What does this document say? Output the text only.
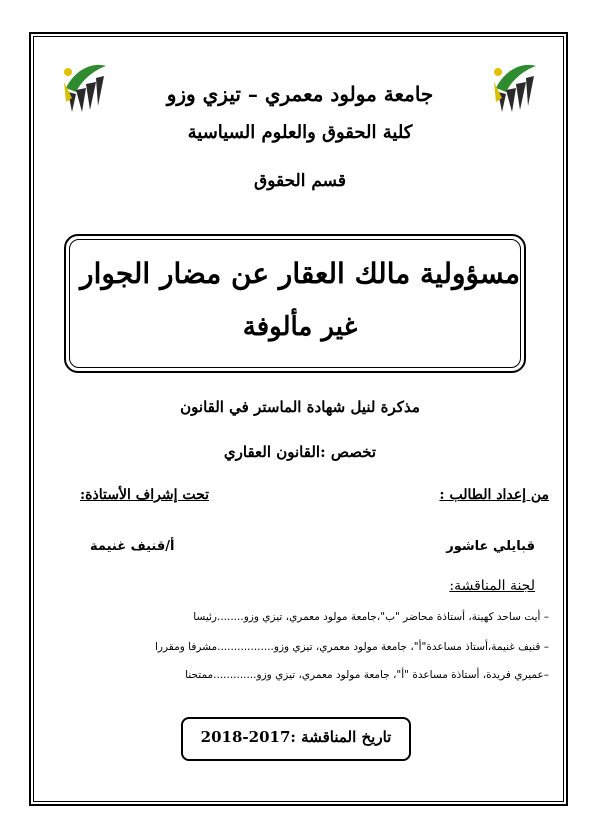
جامعة مولود معمري – تيزي وزو
كلية الحقوق والعلوم السياسية
قسم الحقوق
مسؤولية مالك العقار عن مضار الجوار
غير مألوفة
مذكرة لنيل شهادة الماستر في القانون
تخصص :القانون العقاري
من إعداد الطالب :
تحت إشراف الأستاذة:
قبايلي عاشور
أ/قنيف غنيمة
لجنة المناقشة:
– أيت ساحد كهينة، أستاذة محاضر "ب"،جامعة مولود معمري، تيزي وزو........رئيسا
– قنيف غنيمة،أستاذ مساعدة"أ"، جامعة مولود معمري، تيزي وزو.................مشرفا ومقررا
–عميري فريدة، أستاذة مساعدة "أ"، جامعة مولود معمري، تيزي وزو.............ممتحنا
تاريخ المناقشة :2017-2018
